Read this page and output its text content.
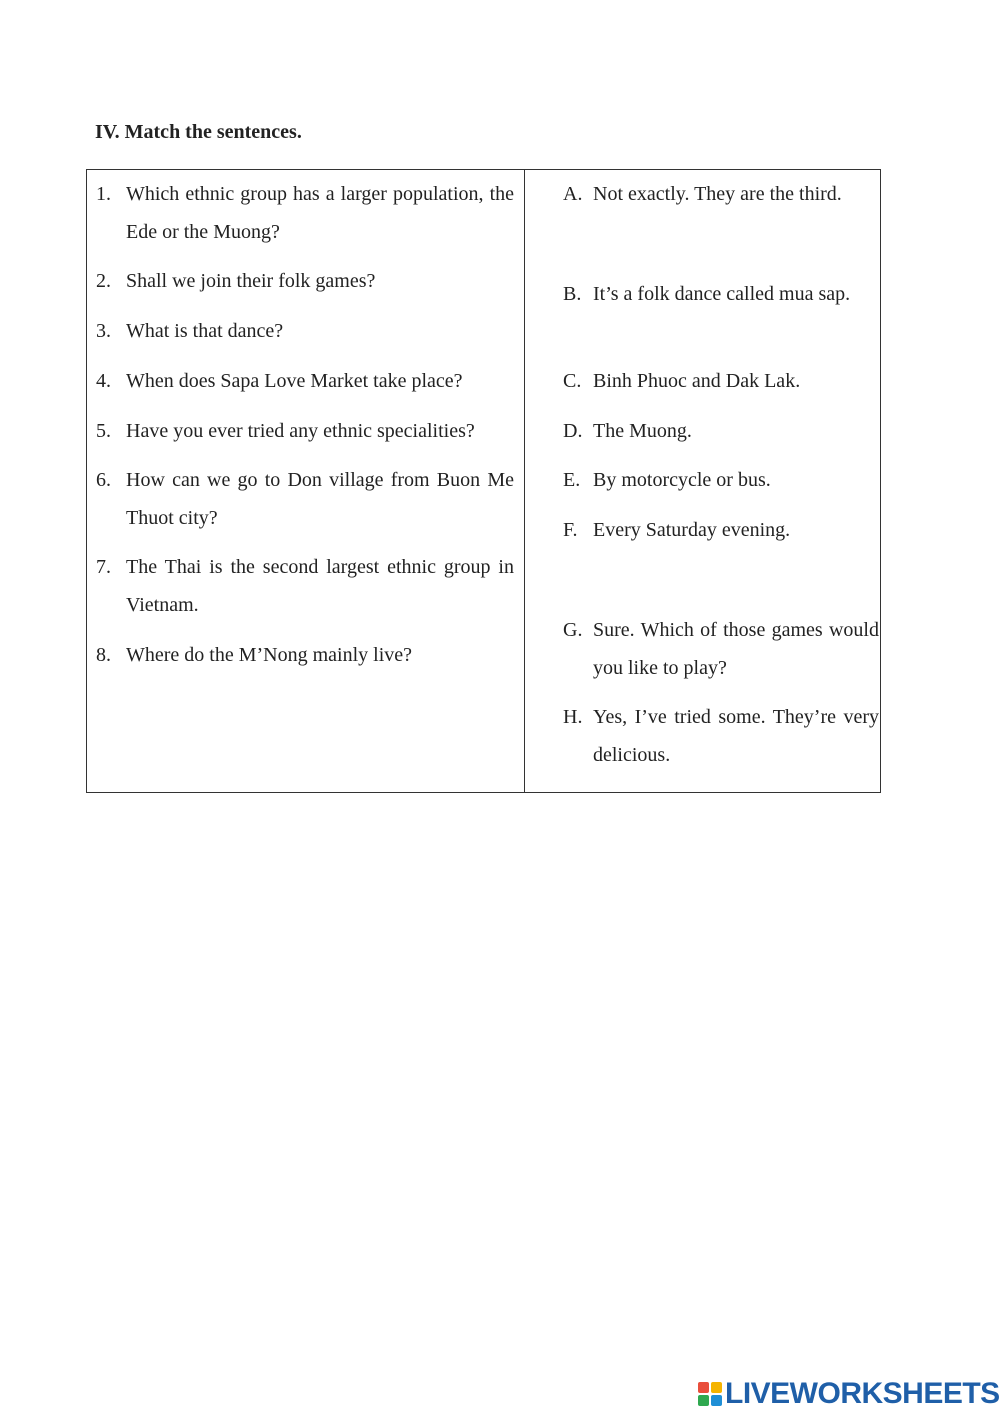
IV. Match the sentences.
1. Which ethnic group has a larger population, the Ede or the Muong?
2. Shall we join their folk games?
3. What is that dance?
4. When does Sapa Love Market take place?
5. Have you ever tried any ethnic specialities?
6. How can we go to Don village from Buon Me Thuot city?
7. The Thai is the second largest ethnic group in Vietnam.
8. Where do the M’Nong mainly live?
A. Not exactly. They are the third.
B. It’s a folk dance called mua sap.
C. Binh Phuoc and Dak Lak.
D. The Muong.
E. By motorcycle or bus.
F. Every Saturday evening.
G. Sure. Which of those games would you like to play?
H. Yes, I’ve tried some. They’re very delicious.
LIVEWORKSHEETS
